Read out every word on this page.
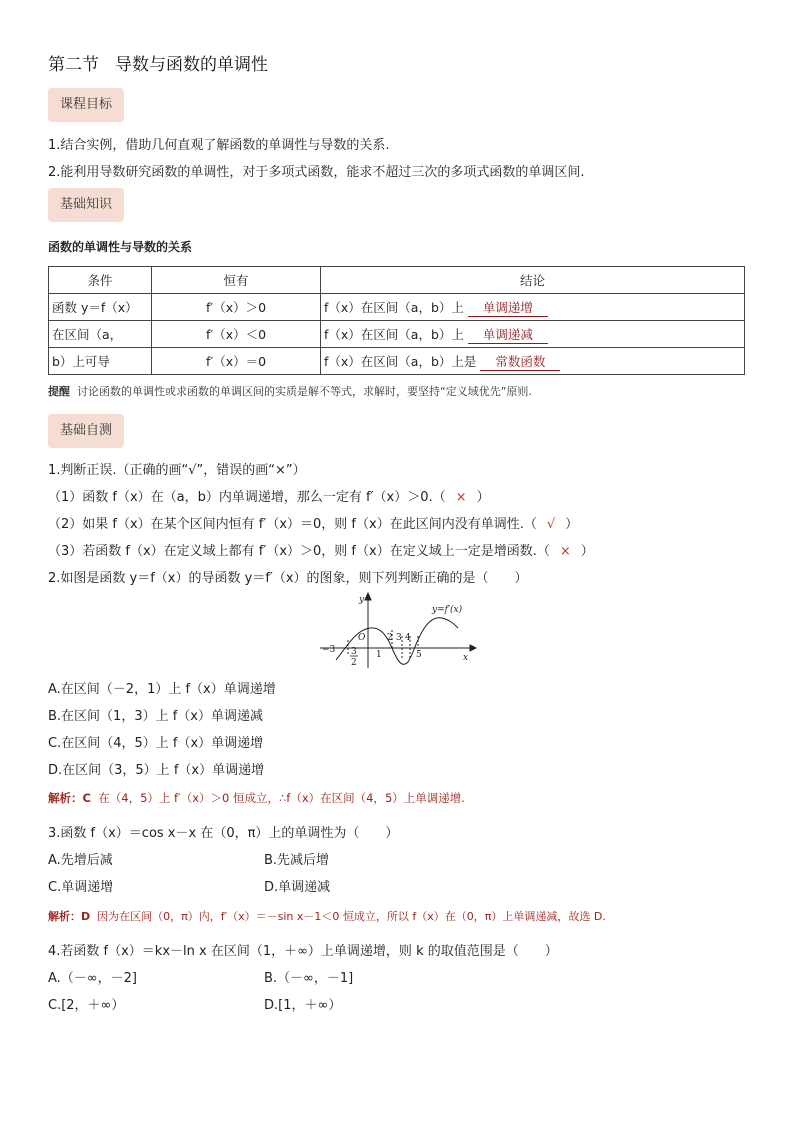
第二节 导数与函数的单调性
课程目标
1.结合实例，借助几何直观了解函数的单调性与导数的关系.
2.能利用导数研究函数的单调性，对于多项式函数，能求不超过三次的多项式函数的单调区间.
基础知识
函数的单调性与导数的关系
条件	恒有	结论
函数 y＝f（x）	f′（x）＞0	f（x）在区间（a，b）上 单调递增
在区间（a，	f′（x）＜0	f（x）在区间（a，b）上 单调递减
b）上可导	f′（x）＝0	f（x）在区间（a，b）上是 常数函数
提醒 讨论函数的单调性或求函数的单调区间的实质是解不等式，求解时，要坚持“定义域优先”原则.
基础自测
1.判断正误.（正确的画“√”，错误的画“×”）
（1）函数 f（x）在（a，b）内单调递增，那么一定有 f′（x）＞0.（ × ）
（2）如果 f（x）在某个区间内恒有 f′（x）＝0，则 f（x）在此区间内没有单调性.（ √ ）
（3）若函数 f（x）在定义域上都有 f′（x）＞0，则 f（x）在定义域上一定是增函数.（ × ）
2.如图是函数 y＝f（x）的导函数 y＝f′（x）的图象，则下列判断正确的是（　　）
y=f′(x)
y
x
O
−3 3
2
1
2 3 4
5
A.在区间（－2，1）上 f（x）单调递增
B.在区间（1，3）上 f（x）单调递减
C.在区间（4，5）上 f（x）单调递增
D.在区间（3，5）上 f（x）单调递增
解析：C 在（4，5）上 f′（x）＞0 恒成立，∴f（x）在区间（4，5）上单调递增.
3.函数 f（x）＝cos x－x 在（0，π）上的单调性为（　　）
A.先增后减	B.先减后增
C.单调递增	D.单调递减
解析：D 因为在区间（0，π）内，f′（x）＝－sin x－1＜0 恒成立，所以 f（x）在（0，π）上单调递减，故选 D.
4.若函数 f（x）＝kx－ln x 在区间（1，＋∞）上单调递增，则 k 的取值范围是（　　）
A.（－∞，－2]	B.（－∞，－1]
C.[2，＋∞）	D.[1，＋∞）
